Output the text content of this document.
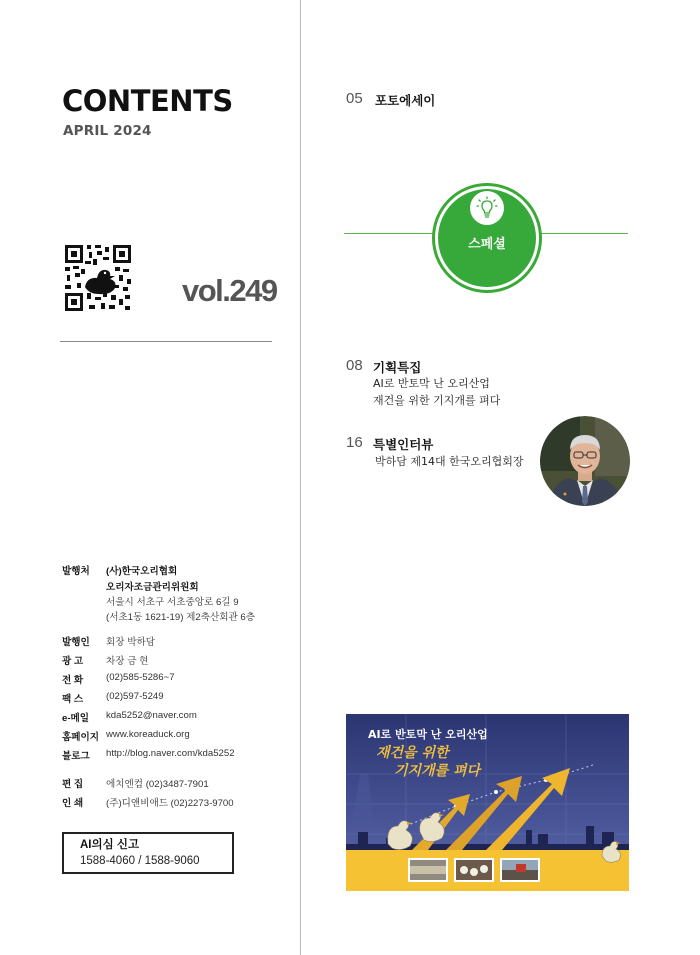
CONTENTS
APRIL 2024
vol.249
발행처 (사)한국오리협회
오리자조금관리위원회
서울시 서초구 서초중앙로 6길 9
(서초1동 1621-19) 제2축산회관 6층
발행인 회장 박하담
광 고 차장 금 현
전 화 (02)585-5286~7
팩 스 (02)597-5249
e-메일 kda5252@naver.com
홈페이지 www.koreaduck.org
블로그 http://blog.naver.com/kda5252
편 집 에치엔컴 (02)3487-7901
인 쇄 (주)디앤비애드 (02)2273-9700
AI의심 신고
1588-4060 / 1588-9060
05 포토에세이
스페셜
08 기획특집
AI로 반토막 난 오리산업
재건을 위한 기지개를 펴다
16 특별인터뷰
박하담 제14대 한국오리협회장
AI로 반토막 난 오리산업
재건을 위한
기지개를 펴다
